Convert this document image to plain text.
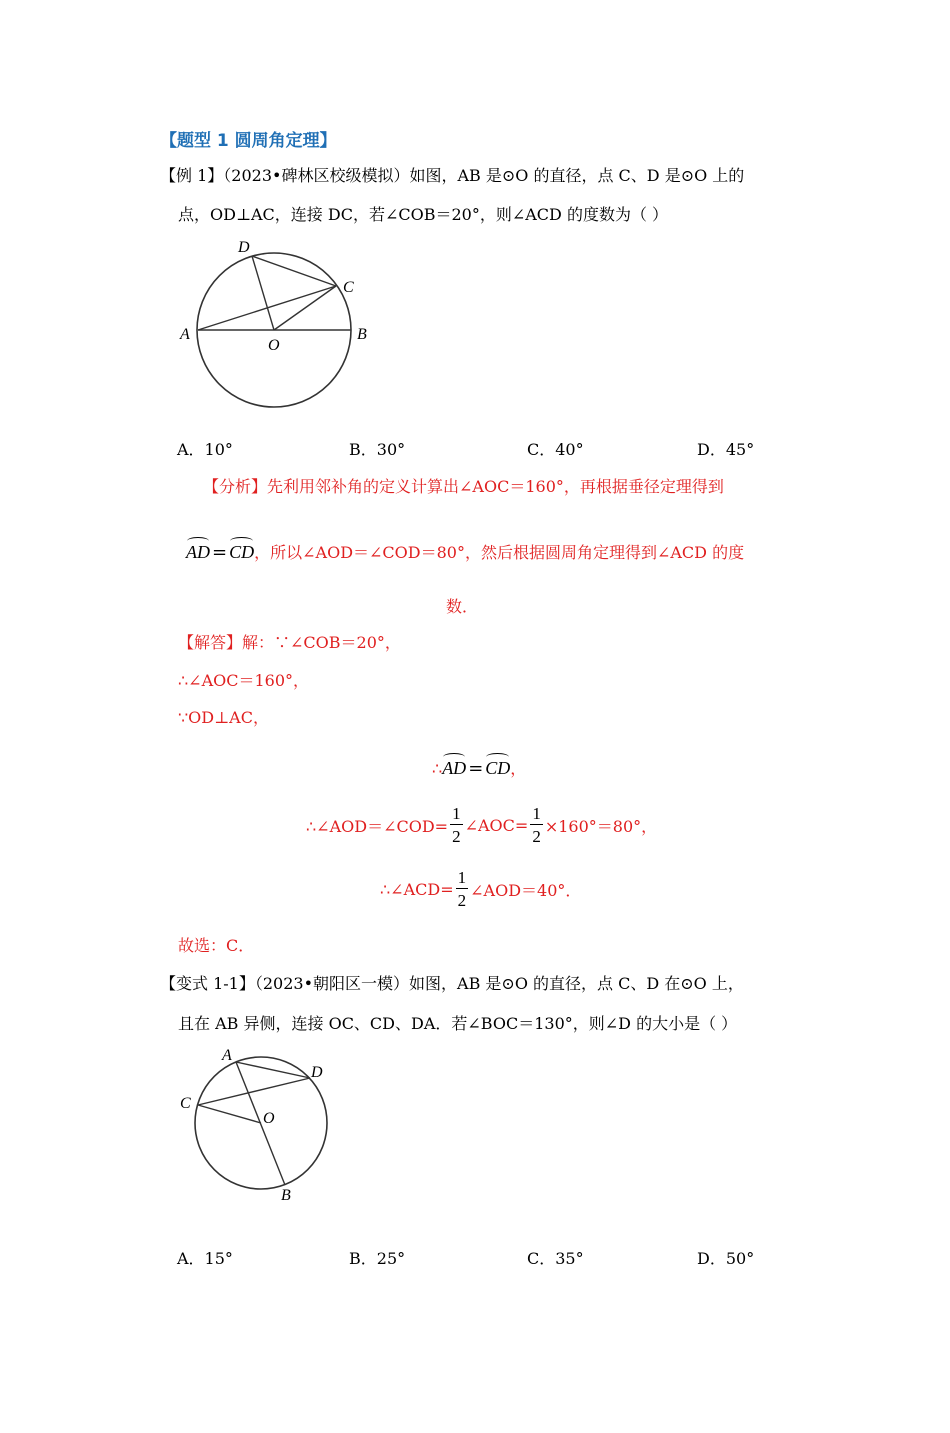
【题型 1 圆周角定理】
【例 1】（2023•碑林区校级模拟）如图，AB 是⊙O 的直径，点 C、D 是⊙O 上的
点，OD⊥AC，连接 DC，若∠COB＝20°，则∠ACD 的度数为（ ）
D
C
A
O
B
A．10°	B．30°	C．40°	D．45°
【分析】先利用邻补角的定义计算出∠AOC＝160°，再根据垂径定理得到
AD = CD，所以∠AOD＝∠COD＝80°，然后根据圆周角定理得到∠ACD 的度
数．
【解答】解：∵∠COB＝20°，
∴∠AOC＝160°，
∵OD⊥AC，
∴AD = CD，
∴∠AOD＝∠COD= $\frac{1}{2}$ ∠AOC= $\frac{1}{2} \times 160^\circ=80^\circ$，
∴∠ACD= $\frac{1}{2}$ ∠AOD＝40°．
故选：C．
【变式 1-1】（2023•朝阳区一模）如图，AB 是⊙O 的直径，点 C、D 在⊙O 上，
且在 AB 异侧，连接 OC、CD、DA．若∠BOC＝130°，则∠D 的大小是（ ）
A
D
C
O
B
A．15°	B．25°	C．35°	D．50°
